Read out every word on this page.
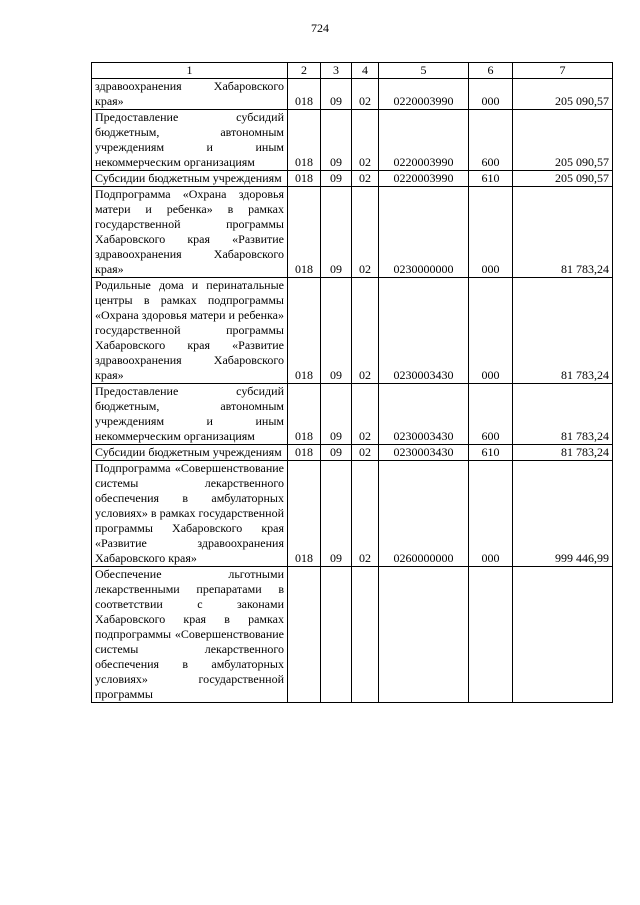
724
1	2	3	4	5	6	7
здравоохранения Хабаровского края»	018	09	02	0220003990	000	205 090,57
Предоставление субсидий бюджетным, автономным учреждениям и иным некоммерческим организациям	018	09	02	0220003990	600	205 090,57
Субсидии бюджетным учреждениям	018	09	02	0220003990	610	205 090,57
Подпрограмма «Охрана здоровья матери и ребенка» в рамках государственной программы Хабаровского края «Развитие здравоохранения Хабаровского края»	018	09	02	0230000000	000	81 783,24
Родильные дома и перинатальные центры в рамках подпрограммы «Охрана здоровья матери и ребенка» государственной программы Хабаровского края «Развитие здравоохранения Хабаровского края»	018	09	02	0230003430	000	81 783,24
Предоставление субсидий бюджетным, автономным учреждениям и иным некоммерческим организациям	018	09	02	0230003430	600	81 783,24
Субсидии бюджетным учреждениям	018	09	02	0230003430	610	81 783,24
Подпрограмма «Совершенствование системы лекарственного обеспечения в амбулаторных условиях» в рамках государственной программы Хабаровского края «Развитие здравоохранения Хабаровского края»	018	09	02	0260000000	000	999 446,99
Обеспечение льготными лекарственными препаратами в соответствии с законами Хабаровского края в рамках подпрограммы «Совершенствование системы лекарственного обеспечения в амбулаторных условиях» государственной программы						
